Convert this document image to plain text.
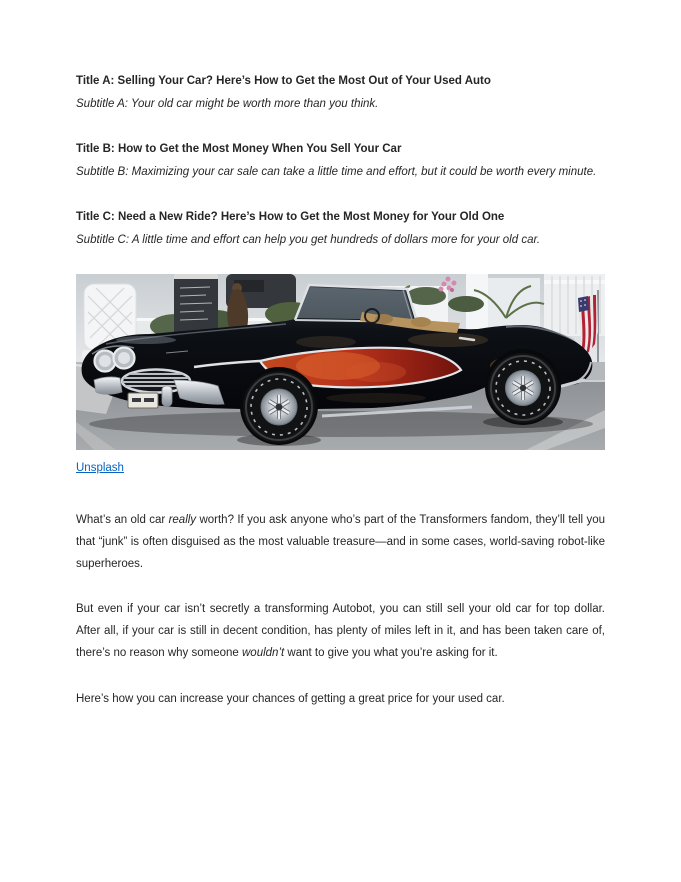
Title A: Selling Your Car? Here’s How to Get the Most Out of Your Used Auto

Subtitle A: Your old car might be worth more than you think.

Title B: How to Get the Most Money When You Sell Your Car

Subtitle B: Maximizing your car sale can take a little time and effort, but it could be worth every minute.

Title C: Need a New Ride? Here’s How to Get the Most Money for Your Old One

Subtitle C: A little time and effort can help you get hundreds of dollars more for your old car.

Unsplash

What’s an old car really worth? If you ask anyone who’s part of the Transformers fandom, they’ll tell you that “junk” is often disguised as the most valuable treasure—and in some cases, world-saving robot-like superheroes.

But even if your car isn’t secretly a transforming Autobot, you can still sell your old car for top dollar. After all, if your car is still in decent condition, has plenty of miles left in it, and has been taken care of, there’s no reason why someone wouldn’t want to give you what you’re asking for it.

Here’s how you can increase your chances of getting a great price for your used car.
